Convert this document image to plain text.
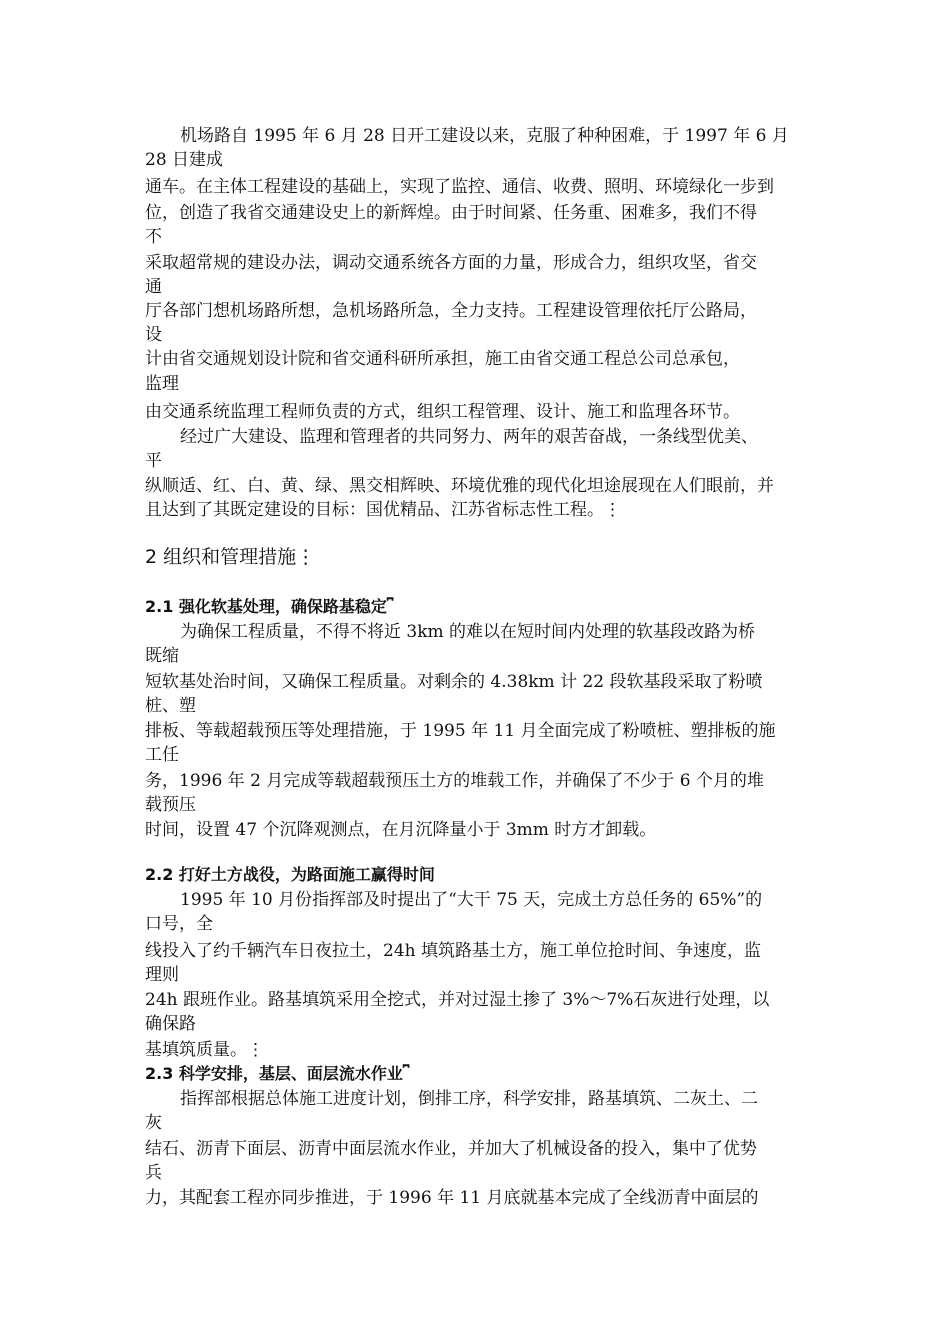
机场路自 1995 年 6 月 28 日开工建设以来，克服了种种困难，于 1997 年 6 月
28 日建成
通车。在主体工程建设的基础上，实现了监控、通信、收费、照明、环境绿化一步到
位，创造了我省交通建设史上的新辉煌。由于时间紧、任务重、困难多，我们不得
不
采取超常规的建设办法，调动交通系统各方面的力量，形成合力，组织攻坚，省交
通
厅各部门想机场路所想，急机场路所急，全力支持。工程建设管理依托厅公路局，
设
计由省交通规划设计院和省交通科研所承担，施工由省交通工程总公司总承包，
监理
由交通系统监理工程师负责的方式，组织工程管理、设计、施工和监理各环节。
经过广大建设、监理和管理者的共同努力、两年的艰苦奋战，一条线型优美、
平
纵顺适、红、白、黄、绿、黑交相辉映、环境优雅的现代化坦途展现在人们眼前，并
且达到了其既定建设的目标：国优精品、江苏省标志性工程。⋮
2 组织和管理措施⋮
2.1 强化软基处理，确保路基稳定⎴
为确保工程质量，不得不将近 3km 的难以在短时间内处理的软基段改路为桥
既缩
短软基处治时间，又确保工程质量。对剩余的 4.38km 计 22 段软基段采取了粉喷
桩、塑
排板、等载超载预压等处理措施，于 1995 年 11 月全面完成了粉喷桩、塑排板的施
工任
务，1996 年 2 月完成等载超载预压土方的堆载工作，并确保了不少于 6 个月的堆
载预压
时间，设置 47 个沉降观测点，在月沉降量小于 3mm 时方才卸载。
2.2 打好土方战役，为路面施工赢得时间
1995 年 10 月份指挥部及时提出了“大干 75 天，完成土方总任务的 65%”的
口号，全
线投入了约千辆汽车日夜拉土，24h 填筑路基土方，施工单位抢时间、争速度，监
理则
24h 跟班作业。路基填筑采用全挖式，并对过湿土掺了 3%～7%石灰进行处理，以
确保路
基填筑质量。⋮
2.3 科学安排，基层、面层流水作业⎴
指挥部根据总体施工进度计划，倒排工序，科学安排，路基填筑、二灰土、二
灰
结石、沥青下面层、沥青中面层流水作业，并加大了机械设备的投入，集中了优势
兵
力，其配套工程亦同步推进，于 1996 年 11 月底就基本完成了全线沥青中面层的
